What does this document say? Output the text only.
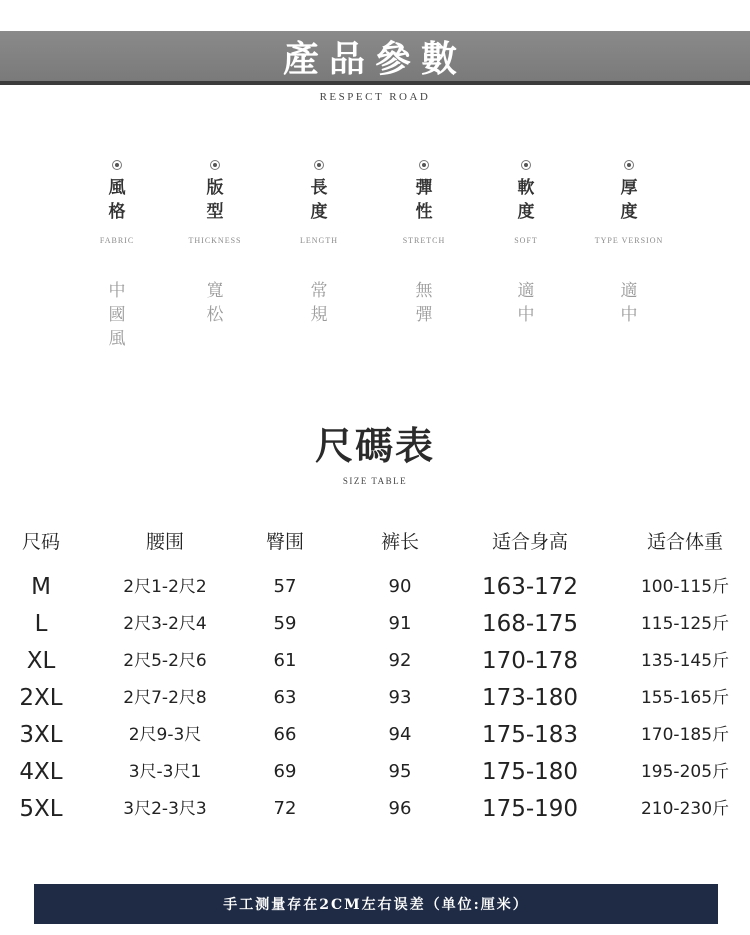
產品參數
RESPECT ROAD
風格
FABRIC
中國風
版型
THICKNESS
寬松
長度
LENGTH
常規
彈性
STRETCH
無彈
軟度
SOFT
適中
厚度
TYPE VERSION
適中
尺碼表
SIZE TABLE
尺码	腰围	臀围	裤长	适合身高	适合体重
M	2尺1-2尺2	57	90	163-172	100-115斤
L	2尺3-2尺4	59	91	168-175	115-125斤
XL	2尺5-2尺6	61	92	170-178	135-145斤
2XL	2尺7-2尺8	63	93	173-180	155-165斤
3XL	2尺9-3尺	66	94	175-183	170-185斤
4XL	3尺-3尺1	69	95	175-180	195-205斤
5XL	3尺2-3尺3	72	96	175-190	210-230斤
手工测量存在2CM左右误差（单位:厘米）
